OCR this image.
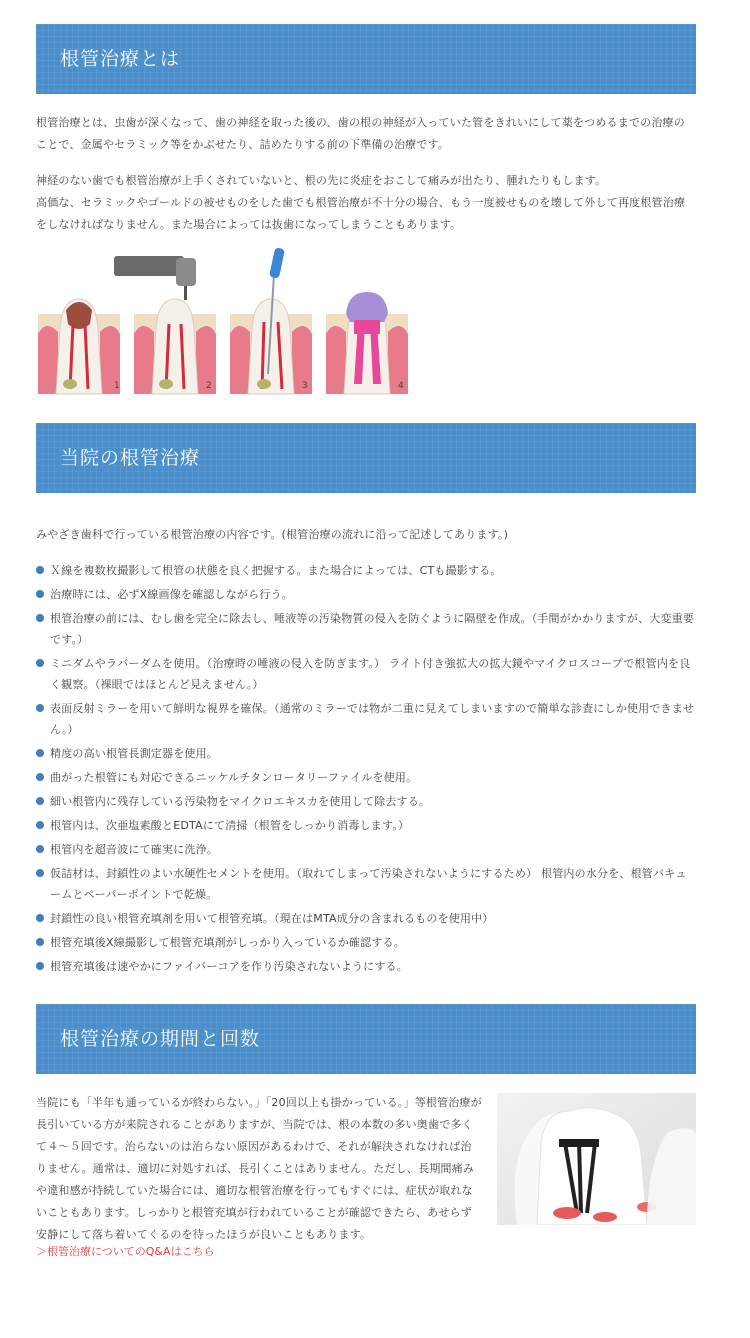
根管治療とは

根管治療とは、虫歯が深くなって、歯の神経を取った後の、歯の根の神経が入っていた管をきれいにして薬をつめるまでの治療のことで、金属やセラミック等をかぶせたり、詰めたりする前の下準備の治療です。

神経のない歯でも根管治療が上手くされていないと、根の先に炎症をおこして痛みが出たり、腫れたりもします。

高価な、セラミックやゴールドの被せものをした歯でも根管治療が不十分の場合、もう一度被せものを壊して外して再度根管治療をしなければなりません。また場合によっては抜歯になってしまうこともあります。

1	2	3	4
当院の根管治療

みやざき歯科で行っている根管治療の内容です。(根管治療の流れに沿って記述してあります。)

Ｘ線を複数枚撮影して根管の状態を良く把握する。また場合によっては、CTも撮影する。
治療時には、必ずX線画像を確認しながら行う。
根管治療の前には、むし歯を完全に除去し、唾液等の汚染物質の侵入を防ぐように隔壁を作成。（手間がかかりますが、大変重要です。）
ミニダムやラバーダムを使用。（治療時の唾液の侵入を防ぎます。） ライト付き強拡大の拡大鏡やマイクロスコープで根管内を良く観察。（裸眼ではほとんど見えません。）
表面反射ミラーを用いて鮮明な視界を確保。（通常のミラーでは物が二重に見えてしまいますので簡単な診査にしか使用できません。）
精度の高い根管長測定器を使用。
曲がった根管にも対応できるニッケルチタンロータリーファイルを使用。
細い根管内に残存している汚染物をマイクロエキスカを使用して除去する。
根管内は、次亜塩素酸とEDTAにて清掃（根管をしっかり消毒します。）
根管内を超音波にて確実に洗浄。
仮詰材は、封鎖性のよい水硬性セメントを使用。（取れてしまって汚染されないようにするため） 根管内の水分を、根管バキュームとペーパーポイントで乾燥。
封鎖性の良い根管充填剤を用いて根管充填。（現在はMTA成分の含まれるものを使用中）
根管充填後X線撮影して根管充填剤がしっかり入っているか確認する。
根管充填後は速やかにファイバーコアを作り汚染されないようにする。
根管治療の期間と回数

当院にも「半年も通っているが終わらない。」「20回以上も掛かっている。」等根管治療が長引いている方が来院されることがありますが、当院では、根の本数の多い奥歯で多くて４～５回です。治らないのは治らない原因があるわけで、それが解決されなければ治りません。通常は、適切に対処すれば、長引くことはありません。ただし、長期間痛みや違和感が持続していた場合には、適切な根管治療を行ってもすぐには、症状が取れないこともあります。しっかりと根管充填が行われていることが確認できたら、あせらず安静にして落ち着いてくるのを待ったほうが良いこともあります。

＞根管治療についてのQ&Aはこちら
